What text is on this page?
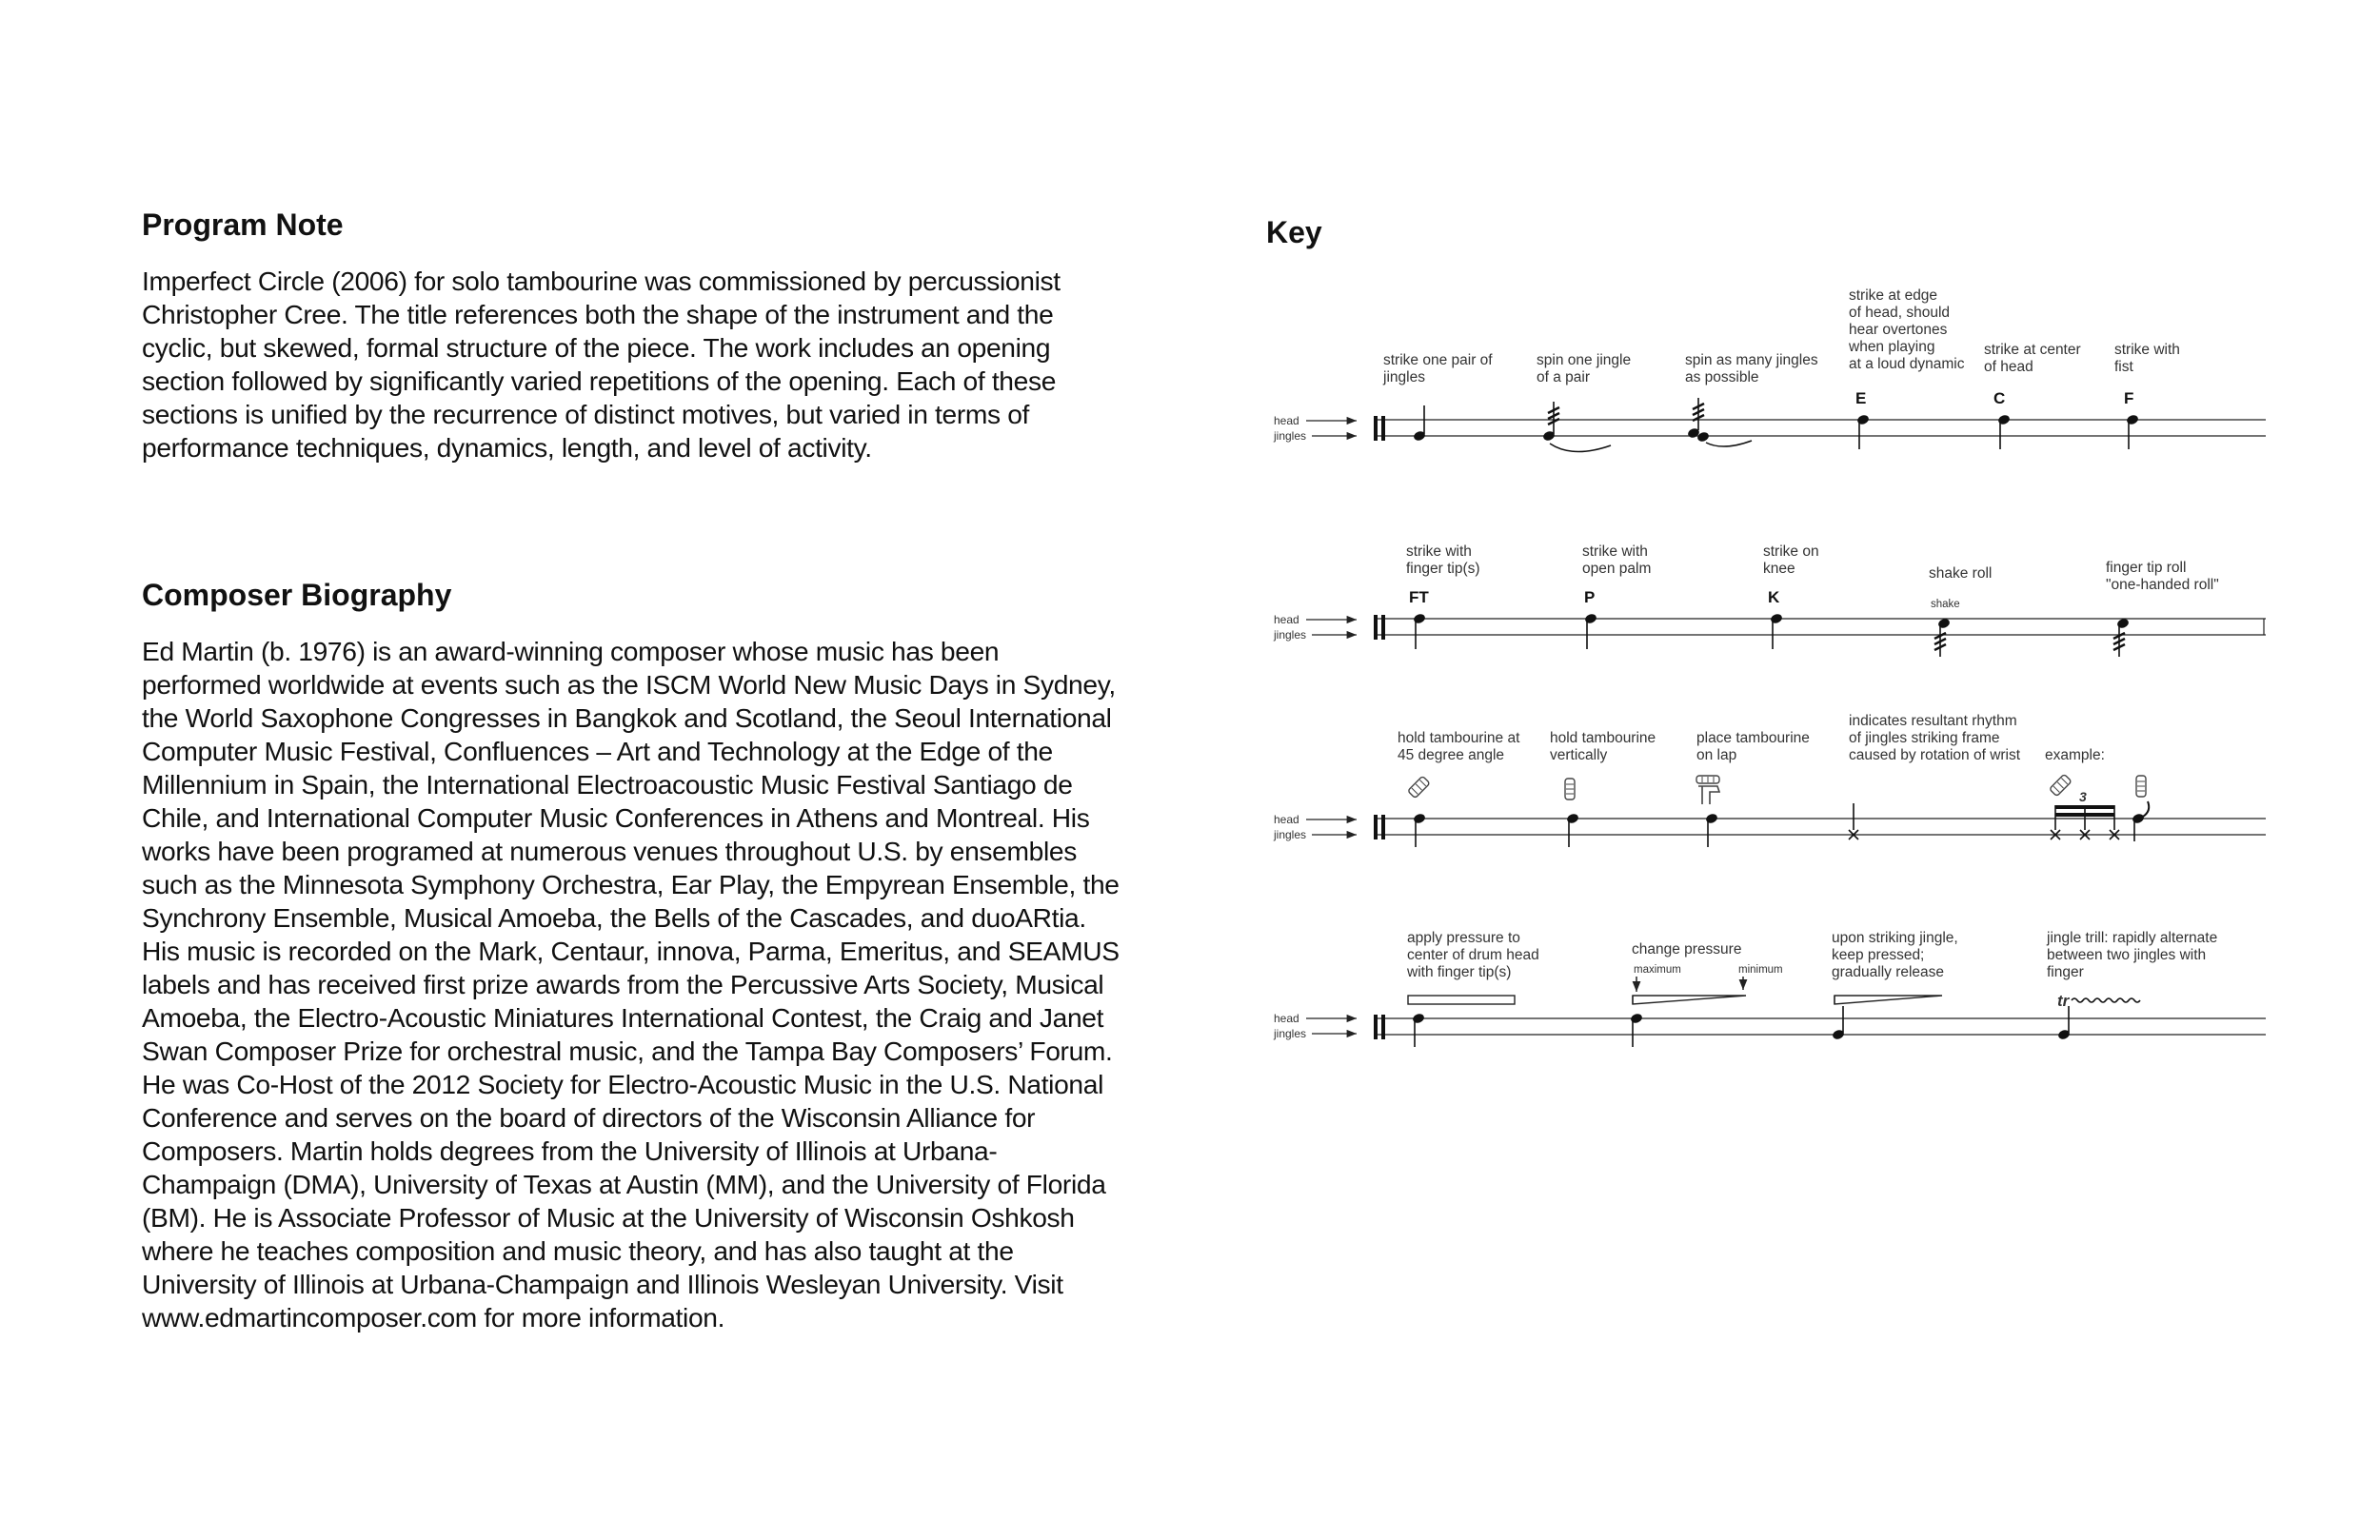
Program Note
Imperfect Circle (2006) for solo tambourine was commissioned by percussionist
Christopher Cree. The title references both the shape of the instrument and the
cyclic, but skewed, formal structure of the piece. The work includes an opening
section followed by significantly varied repetitions of the opening. Each of these
sections is unified by the recurrence of distinct motives, but varied in terms of
performance techniques, dynamics, length, and level of activity.
Composer Biography
Ed Martin (b. 1976) is an award-winning composer whose music has been
performed worldwide at events such as the ISCM World New Music Days in Sydney,
the World Saxophone Congresses in Bangkok and Scotland, the Seoul International
Computer Music Festival, Confluences – Art and Technology at the Edge of the
Millennium in Spain, the International Electroacoustic Music Festival Santiago de
Chile, and International Computer Music Conferences in Athens and Montreal. His
works have been programed at numerous venues throughout U.S. by ensembles
such as the Minnesota Symphony Orchestra, Ear Play, the Empyrean Ensemble, the
Synchrony Ensemble, Musical Amoeba, the Bells of the Cascades, and duoARtia.
His music is recorded on the Mark, Centaur, innova, Parma, Emeritus, and SEAMUS
labels and has received first prize awards from the Percussive Arts Society, Musical
Amoeba, the Electro-Acoustic Miniatures International Contest, the Craig and Janet
Swan Composer Prize for orchestral music, and the Tampa Bay Composers’ Forum.
He was Co-Host of the 2012 Society for Electro-Acoustic Music in the U.S. National
Conference and serves on the board of directors of the Wisconsin Alliance for
Composers. Martin holds degrees from the University of Illinois at Urbana-
Champaign (DMA), University of Texas at Austin (MM), and the University of Florida
(BM). He is Associate Professor of Music at the University of Wisconsin Oshkosh
where he teaches composition and music theory, and has also taught at the
University of Illinois at Urbana-Champaign and Illinois Wesleyan University. Visit
www.edmartincomposer.com for more information.
Key
head
jingles
strike one pair of jingles
spin one jingle of a pair
spin as many jingles as possible
strike at edge of head, should hear overtones when playing at a loud dynamic
E
strike at center of head
C
strike with fist
F
head
jingles
strike with finger tip(s)
FT
strike with open palm
P
strike on knee
K
shake roll
shake
finger tip roll "one-handed roll"
head
jingles
hold tambourine at 45 degree angle
hold tambourine vertically
place tambourine on lap
indicates resultant rhythm of jingles striking frame caused by rotation of wrist example:
3
head
jingles
apply pressure to center of drum head with finger tip(s)
change pressure
maximum	minimum
upon striking jingle, keep pressed; gradually release
jingle trill: rapidly alternate between two jingles with finger
tr
